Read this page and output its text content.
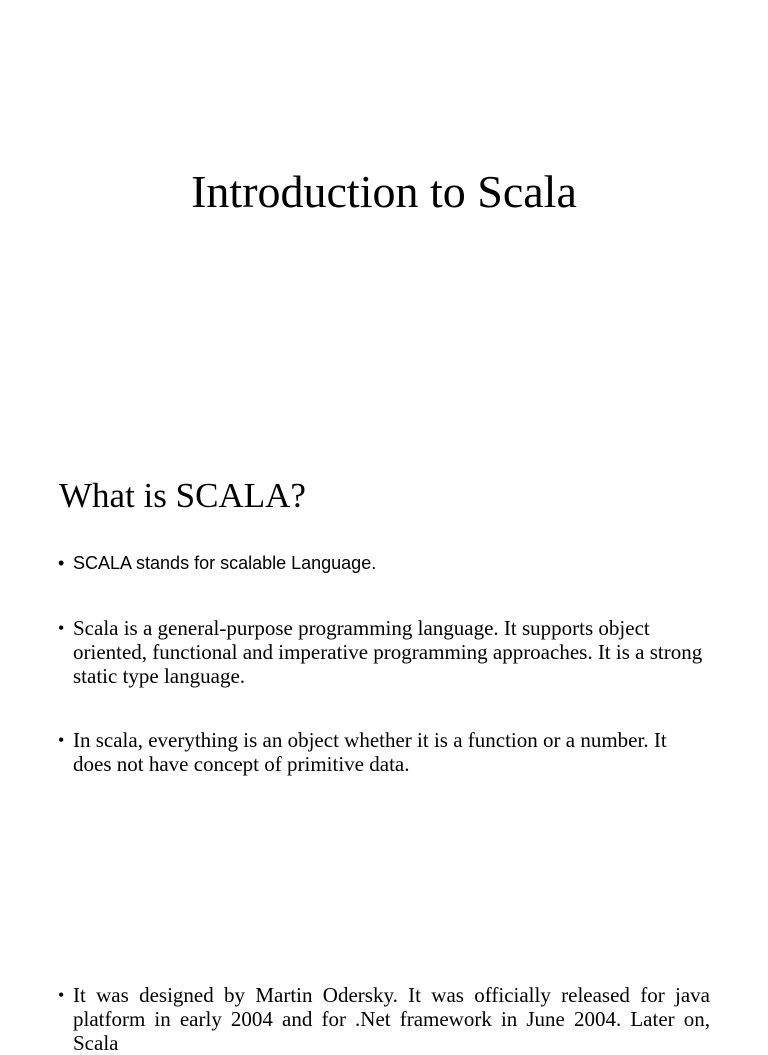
Introduction to Scala
What is SCALA?
• SCALA stands for scalable Language.
• Scala is a general-purpose programming language. It supports object oriented, functional and imperative programming approaches. It is a strong static type language.
• In scala, everything is an object whether it is a function or a number. It does not have concept of primitive data.
• It was designed by Martin Odersky. It was officially released for java platform in early 2004 and for .Net framework in June 2004. Later on, Scala
